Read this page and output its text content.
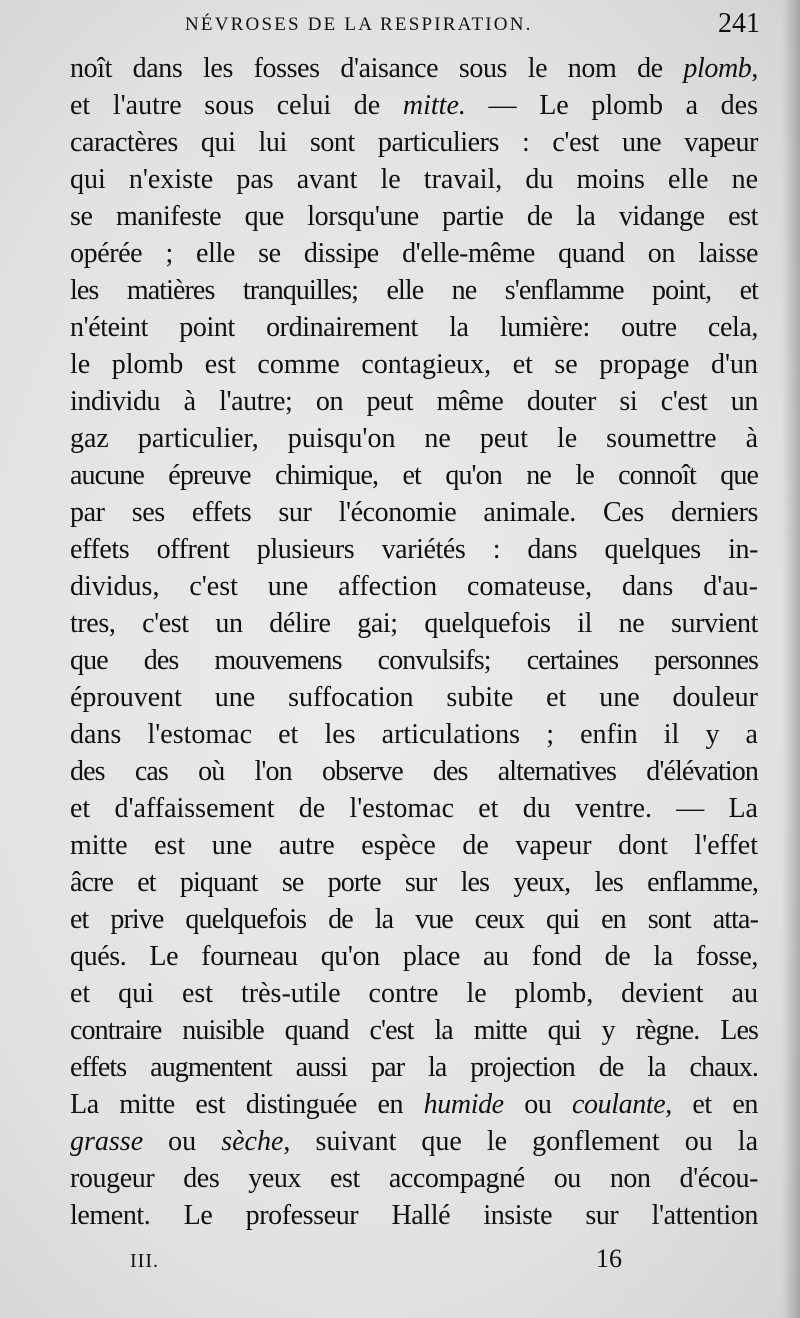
NÉVROSES DE LA RESPIRATION.	241
noît dans les fosses d'aisance sous le nom de plomb,
et l'autre sous celui de mitte. — Le plomb a des
caractères qui lui sont particuliers : c'est une vapeur
qui n'existe pas avant le travail, du moins elle ne
se manifeste que lorsqu'une partie de la vidange est
opérée ; elle se dissipe d'elle-même quand on laisse
les matières tranquilles; elle ne s'enflamme point, et
n'éteint point ordinairement la lumière: outre cela,
le plomb est comme contagieux, et se propage d'un
individu à l'autre; on peut même douter si c'est un
gaz particulier, puisqu'on ne peut le soumettre à
aucune épreuve chimique, et qu'on ne le connoît que
par ses effets sur l'économie animale. Ces derniers
effets offrent plusieurs variétés : dans quelques in-
dividus, c'est une affection comateuse, dans d'au-
tres, c'est un délire gai; quelquefois il ne survient
que des mouvemens convulsifs; certaines personnes
éprouvent une suffocation subite et une douleur
dans l'estomac et les articulations ; enfin il y a
des cas où l'on observe des alternatives d'élévation
et d'affaissement de l'estomac et du ventre. — La
mitte est une autre espèce de vapeur dont l'effet
âcre et piquant se porte sur les yeux, les enflamme,
et prive quelquefois de la vue ceux qui en sont atta-
qués. Le fourneau qu'on place au fond de la fosse,
et qui est très-utile contre le plomb, devient au
contraire nuisible quand c'est la mitte qui y règne. Les
effets augmentent aussi par la projection de la chaux.
La mitte est distinguée en humide ou coulante, et en
grasse ou sèche, suivant que le gonflement ou la
rougeur des yeux est accompagné ou non d'écou-
lement. Le professeur Hallé insiste sur l'attention
III.	16
